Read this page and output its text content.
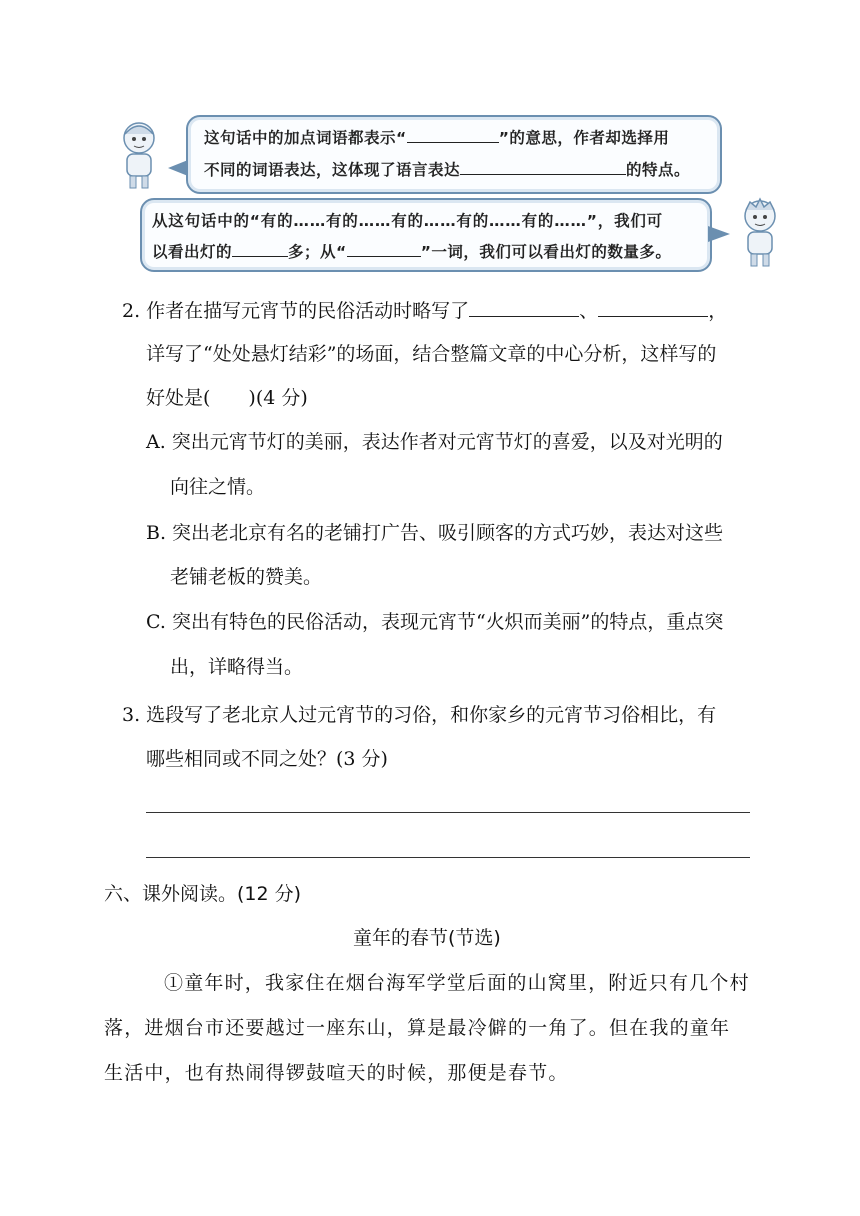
这句话中的加点词语都表示“	”的意思，作者却选择用
不同的词语表达，这体现了语言表达	的特点。
从这句话中的“有的……有的……有的……有的……有的……”，我们可
以看出灯的	多；从“	”一词，我们可以看出灯的数量多。
2. 作者在描写元宵节的民俗活动时略写了	、	，
详写了“处处悬灯结彩”的场面，结合整篇文章的中心分析，这样写的
好处是(　　)(4 分)
A. 突出元宵节灯的美丽，表达作者对元宵节灯的喜爱，以及对光明的
向往之情。
B. 突出老北京有名的老铺打广告、吸引顾客的方式巧妙，表达对这些
老铺老板的赞美。
C. 突出有特色的民俗活动，表现元宵节“火炽而美丽”的特点，重点突
出，详略得当。
3. 选段写了老北京人过元宵节的习俗，和你家乡的元宵节习俗相比，有
哪些相同或不同之处？(3 分)
六、课外阅读。(12 分)
童年的春节(节选)
①童年时，我家住在烟台海军学堂后面的山窝里，附近只有几个村
落，进烟台市还要越过一座东山，算是最冷僻的一角了。但在我的童年
生活中，也有热闹得锣鼓喧天的时候，那便是春节。
